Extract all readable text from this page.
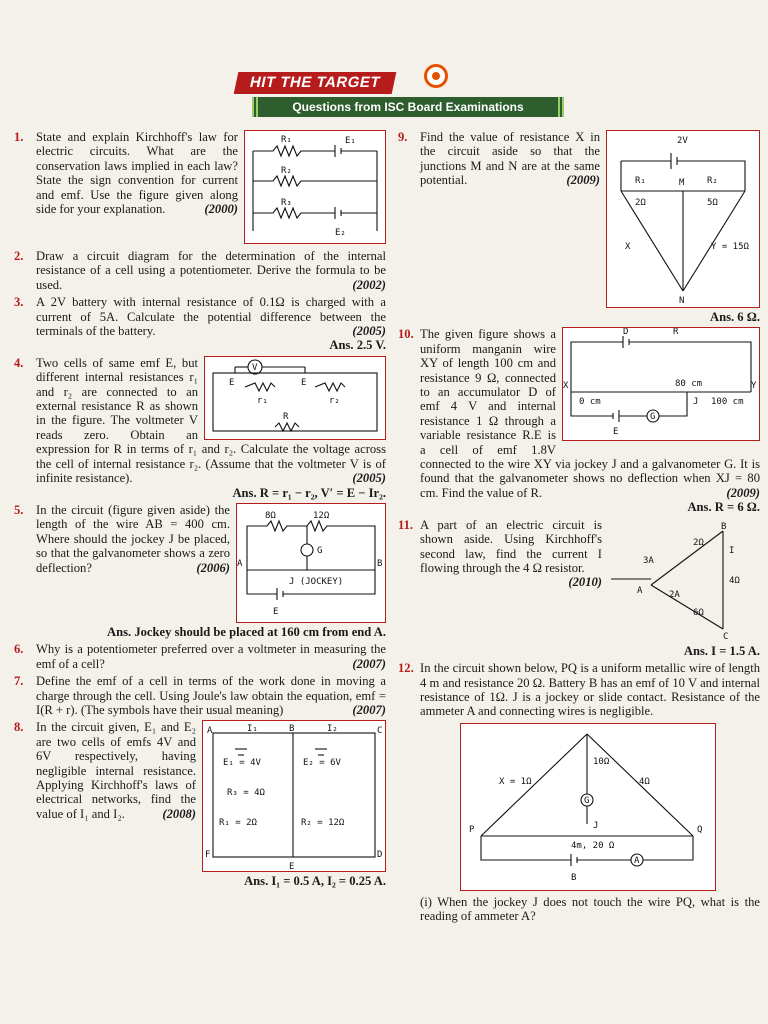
HIT THE TARGET
Questions from ISC Board Examinations
1.	R₁	E₁
R₂
R₃
E₂
State and explain Kirchhoff's law for electric circuits. What are the conservation laws implied in each law? State the sign convention for current and emf. Use the figure given along side for your explanation.	(2000)
2. Draw a circuit diagram for the determination of the internal resistance of a cell using a potentiometer. Derive the formula to be used.	(2002)
3. A 2V battery with internal resistance of 0.1Ω is charged with a current of 5A. Calculate the potential difference between the terminals of the battery.	(2005)
Ans. 2.5 V.
4.	V
E	E
r₁	r₂
R
Two cells of same emf E, but different internal resistances r₁ and r₂ are connected to an external resistance R as shown in the figure. The voltmeter V reads zero. Obtain an expression for R in terms of r₁ and r₂. Calculate the voltage across the cell of internal resistance r₂. (Assume that the voltmeter V is of infinite resistance).	(2005)
Ans. R = r₁ − r₂, V′ = E − Ir₂.
5.	8Ω	12Ω
G
A	B
J (JOCKEY)
E
In the circuit (figure given aside) the length of the wire AB = 400 cm. Where should the jockey J be placed, so that the galvanometer shows a zero deflection?	(2006)
Ans. Jockey should be placed at 160 cm from end A.
6. Why is a potentiometer preferred over a voltmeter in measuring the emf of a cell?	(2007)
7. Define the emf of a cell in terms of the work done in moving a charge through the cell. Using Joule's law obtain the equation, emf = I(R + r). (The symbols have their usual meaning)	(2007)
8.	A	B	C
D
E
F
I₁	I₂
E₁ = 4V	E₂ = 6V
R₃ = 4Ω
R₁ = 2Ω	R₂ = 12Ω
In the circuit given, E₁ and E₂ are two cells of emfs 4V and 6V respectively, having negligible internal resistance. Applying Kirchhoff's laws of electrical networks, find the value of I₁ and I₂.	(2008)
Ans. I₁ = 0.5 A, I₂ = 0.25 A.
9.	2V
R₁	M	R₂
2Ω	5Ω
X	Y = 15Ω
N
Find the value of resistance X in the circuit aside so that the junctions M and N are at the same potential.	(2009)
Ans. 6 Ω.
10.	D	R
X	Y
0 cm
80 cm
100 cm
J
G
E
The given figure shows a uniform manganin wire XY of length 100 cm and resistance 9 Ω, connected to an accumulator D of emf 4 V and internal resistance 1 Ω through a variable resistance R.E is a cell of emf 1.8V connected to the wire XY via jockey J and a galvanometer G. It is found that the galvanometer shows no deflection when XJ = 80 cm. Find the value of R.	(2009)
Ans. R = 6 Ω.
11.	B
A
C
2Ω
3A
I
4Ω
2A
6Ω
A part of an electric circuit is shown aside. Using Kirchhoff's second law, find the current I flowing through the 4 Ω resistor.
(2010)
Ans. I = 1.5 A.
12. In the circuit shown below, PQ is a uniform metallic wire of length 4 m and resistance 20 Ω. Battery B has an emf of 10 V and internal resistance of 1Ω. J is a jockey or slide contact. Resistance of the ammeter A and connecting wires is negligible.
X = 1Ω
10Ω
4Ω
G
J
P	Q
4m, 20 Ω
B
A
(i) When the jockey J does not touch the wire PQ, what is the reading of ammeter A?
